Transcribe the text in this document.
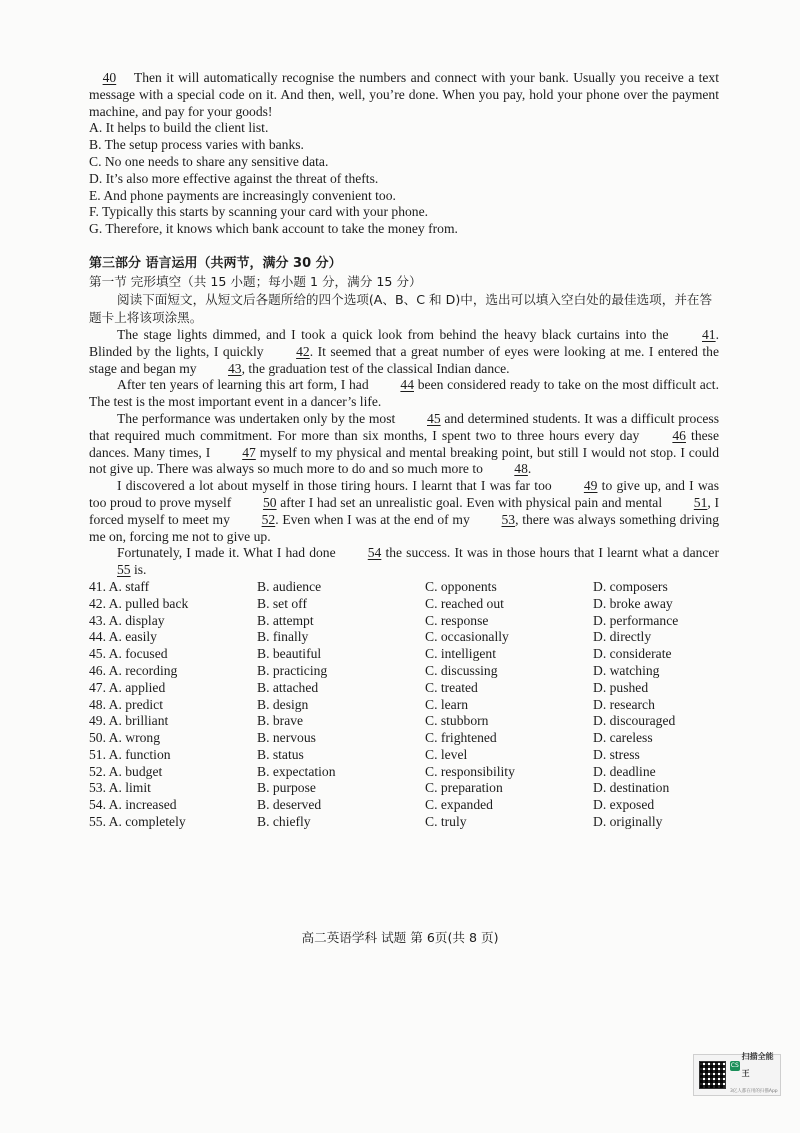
40 Then it will automatically recognise the numbers and connect with your bank. Usually you receive a text message with a special code on it. And then, well, you’re done. When you pay, hold your phone over the payment machine, and pay for your goods!

A. It helps to build the client list.

B. The setup process varies with banks.

C. No one needs to share any sensitive data.

D. It’s also more effective against the threat of thefts.

E. And phone payments are increasingly convenient too.

F. Typically this starts by scanning your card with your phone.

G. Therefore, it knows which bank account to take the money from.

第三部分 语言运用（共两节，满分 30 分）

第一节 完形填空（共 15 小题；每小题 1 分，满分 15 分）

阅读下面短文，从短文后各题所给的四个选项(A、B、C 和 D)中，选出可以填入空白处的最佳选项，并在答题卡上将该项涂黑。

The stage lights dimmed, and I took a quick look from behind the heavy black curtains into the 41. Blinded by the lights, I quickly 42. It seemed that a great number of eyes were looking at me. I entered the stage and began my 43, the graduation test of the classical Indian dance.

After ten years of learning this art form, I had 44 been considered ready to take on the most difficult act. The test is the most important event in a dancer’s life.

The performance was undertaken only by the most 45 and determined students. It was a difficult process that required much commitment. For more than six months, I spent two to three hours every day 46 these dances. Many times, I 47 myself to my physical and mental breaking point, but still I would not stop. I could not give up. There was always so much more to do and so much more to 48.

I discovered a lot about myself in those tiring hours. I learnt that I was far too 49 to give up, and I was too proud to prove myself 50 after I had set an unrealistic goal. Even with physical pain and mental 51, I forced myself to meet my 52. Even when I was at the end of my 53, there was always something driving me on, forcing me not to give up.

Fortunately, I made it. What I had done 54 the success. It was in those hours that I learnt what a dancer 55 is.

41. A. staff	B. audience	C. opponents	D. composers
42. A. pulled back	B. set off	C. reached out	D. broke away
43. A. display	B. attempt	C. response	D. performance
44. A. easily	B. finally	C. occasionally	D. directly
45. A. focused	B. beautiful	C. intelligent	D. considerate
46. A. recording	B. practicing	C. discussing	D. watching
47. A. applied	B. attached	C. treated	D. pushed
48. A. predict	B. design	C. learn	D. research
49. A. brilliant	B. brave	C. stubborn	D. discouraged
50. A. wrong	B. nervous	C. frightened	D. careless
51. A. function	B. status	C. level	D. stress
52. A. budget	B. expectation	C. responsibility	D. deadline
53. A. limit	B. purpose	C. preparation	D. destination
54. A. increased	B. deserved	C. expanded	D. exposed
55. A. completely	B. chiefly	C. truly	D. originally
高二英语学科 试题 第 6页(共 8 页)
CS
扫描全能王
3亿人都在用的扫描App
